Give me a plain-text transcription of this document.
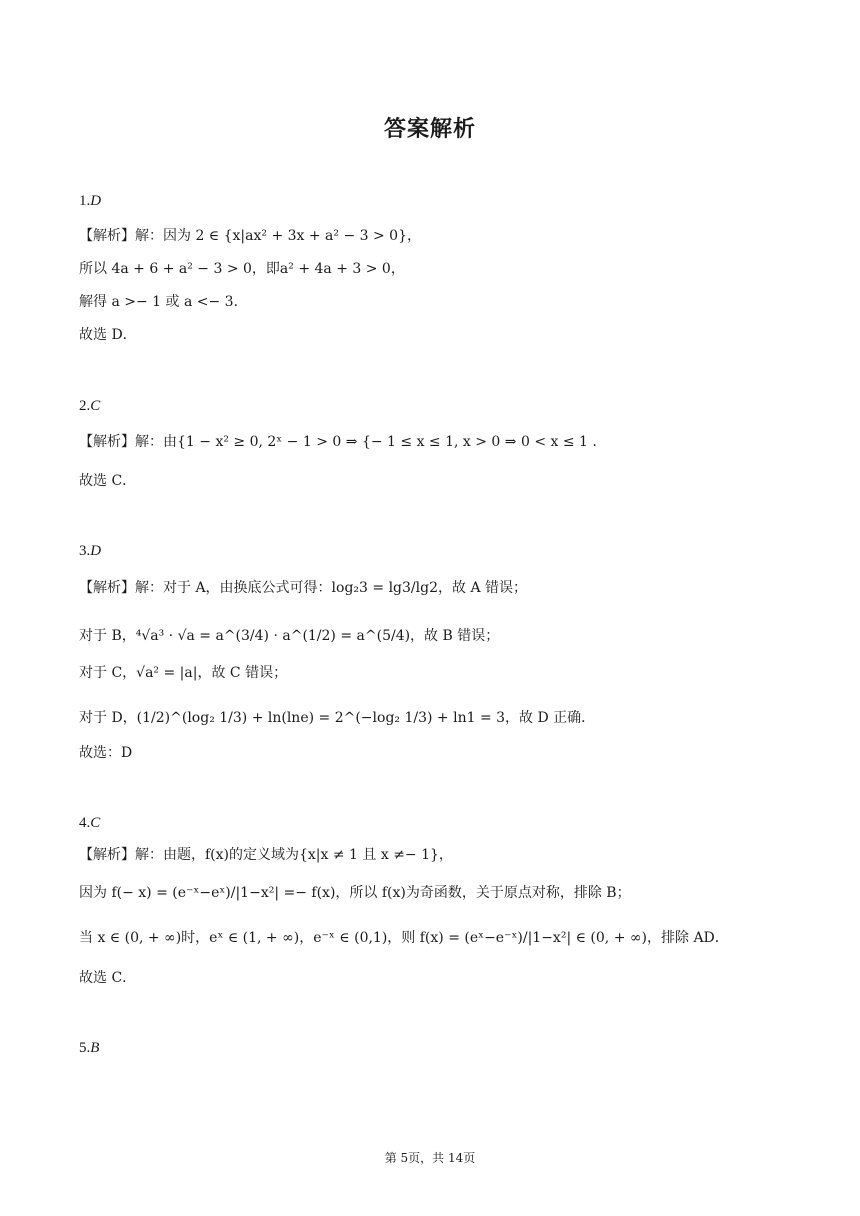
答案解析
1.D
【解析】解：因为 2 ∈ {x|ax² + 3x + a² − 3 > 0}，
所以 4a + 6 + a² − 3 > 0，即a² + 4a + 3 > 0，
解得 a >− 1 或 a <− 3．
故选 D．
2.C
【解析】解：由{1 − x² ≥ 0, 2ˣ − 1 > 0 ⇒ {− 1 ≤ x ≤ 1, x > 0 ⇒ 0 < x ≤ 1 .
故选 C．
3.D
【解析】解：对于 A，由换底公式可得：log₂3 = lg3/lg2，故 A 错误；
对于 B，⁴√a³ · √a = a^(3/4) · a^(1/2) = a^(5/4)，故 B 错误；
对于 C，√a² = |a|，故 C 错误；
对于 D，(1/2)^(log₂ 1/3) + ln(lne) = 2^(−log₂ 1/3) + ln1 = 3，故 D 正确．
故选：D
4.C
【解析】解：由题，f(x)的定义域为{x|x ≠ 1 且 x ≠− 1}，
因为 f(− x) = (e⁻ˣ−eˣ)/|1−x²| =− f(x)，所以 f(x)为奇函数，关于原点对称，排除 B；
当 x ∈ (0, + ∞)时，eˣ ∈ (1, + ∞)，e⁻ˣ ∈ (0,1)，则 f(x) = (eˣ−e⁻ˣ)/|1−x²| ∈ (0, + ∞)，排除 AD．
故选 C．
5.B
第 5页，共 14页
